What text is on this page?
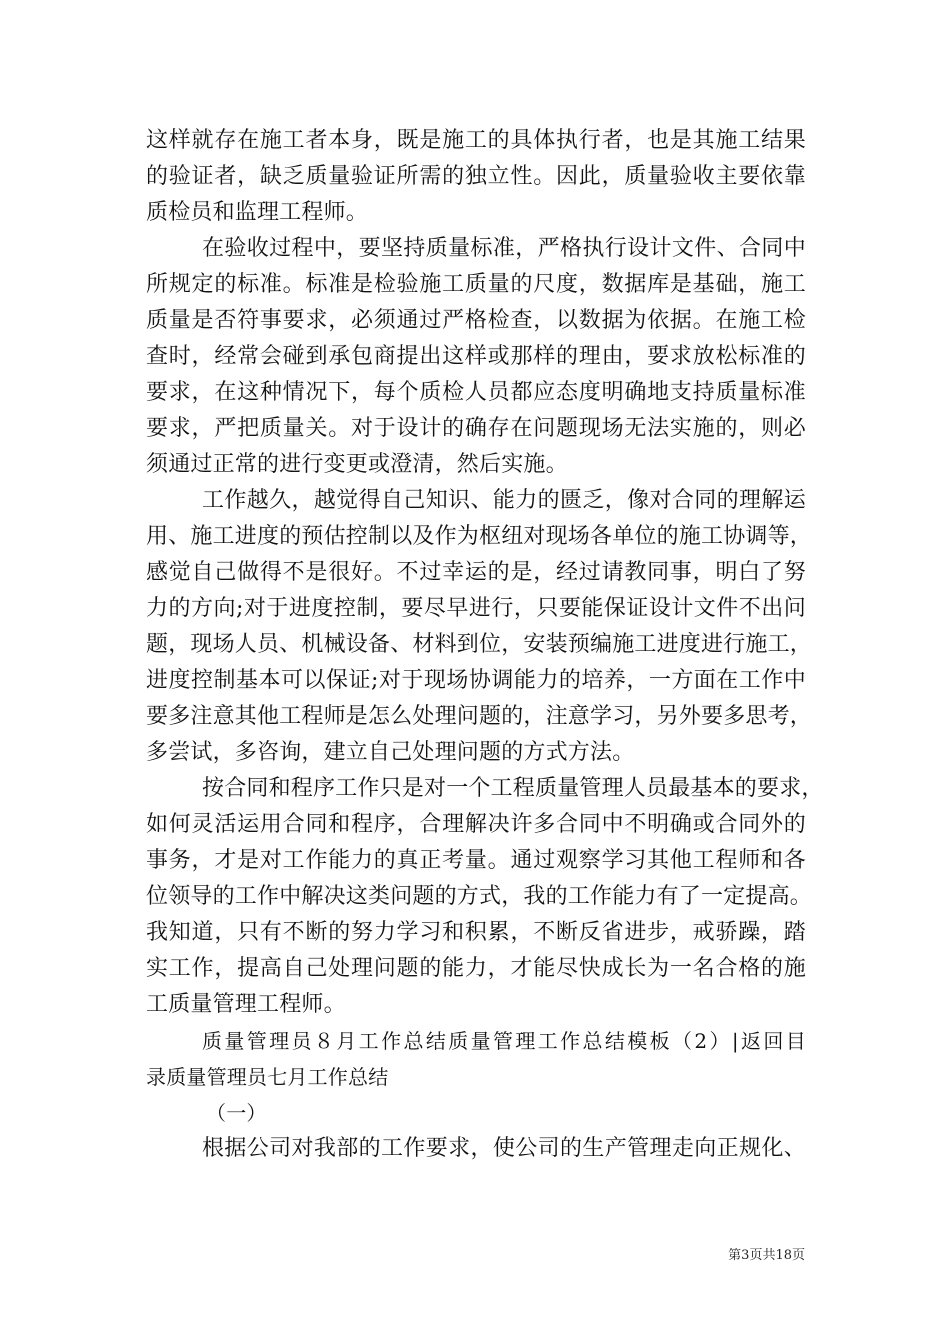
这样就存在施工者本身，既是施工的具体执行者，也是其施工结果
的验证者，缺乏质量验证所需的独立性。因此，质量验收主要依靠
质检员和监理工程师。
在验收过程中，要坚持质量标准，严格执行设计文件、合同中
所规定的标准。标准是检验施工质量的尺度，数据库是基础，施工
质量是否符事要求，必须通过严格检查，以数据为依据。在施工检
查时，经常会碰到承包商提出这样或那样的理由，要求放松标准的
要求，在这种情况下，每个质检人员都应态度明确地支持质量标准
要求，严把质量关。对于设计的确存在问题现场无法实施的，则必
须通过正常的进行变更或澄清，然后实施。
工作越久，越觉得自己知识、能力的匮乏，像对合同的理解运
用、施工进度的预估控制以及作为枢纽对现场各单位的施工协调等，
感觉自己做得不是很好。不过幸运的是，经过请教同事，明白了努
力的方向;对于进度控制，要尽早进行，只要能保证设计文件不出问
题，现场人员、机械设备、材料到位，安装预编施工进度进行施工，
进度控制基本可以保证;对于现场协调能力的培养，一方面在工作中
要多注意其他工程师是怎么处理问题的，注意学习，另外要多思考，
多尝试，多咨询，建立自己处理问题的方式方法。
按合同和程序工作只是对一个工程质量管理人员最基本的要求，
如何灵活运用合同和程序，合理解决许多合同中不明确或合同外的
事务，才是对工作能力的真正考量。通过观察学习其他工程师和各
位领导的工作中解决这类问题的方式，我的工作能力有了一定提高。
我知道，只有不断的努力学习和积累，不断反省进步，戒骄躁，踏
实工作，提高自己处理问题的能力，才能尽快成长为一名合格的施
工质量管理工程师。
质量管理员８月工作总结质量管理工作总结模板（2）|返回目
录质量管理员七月工作总结
（一）
根据公司对我部的工作要求，使公司的生产管理走向正规化、
第3页共18页
